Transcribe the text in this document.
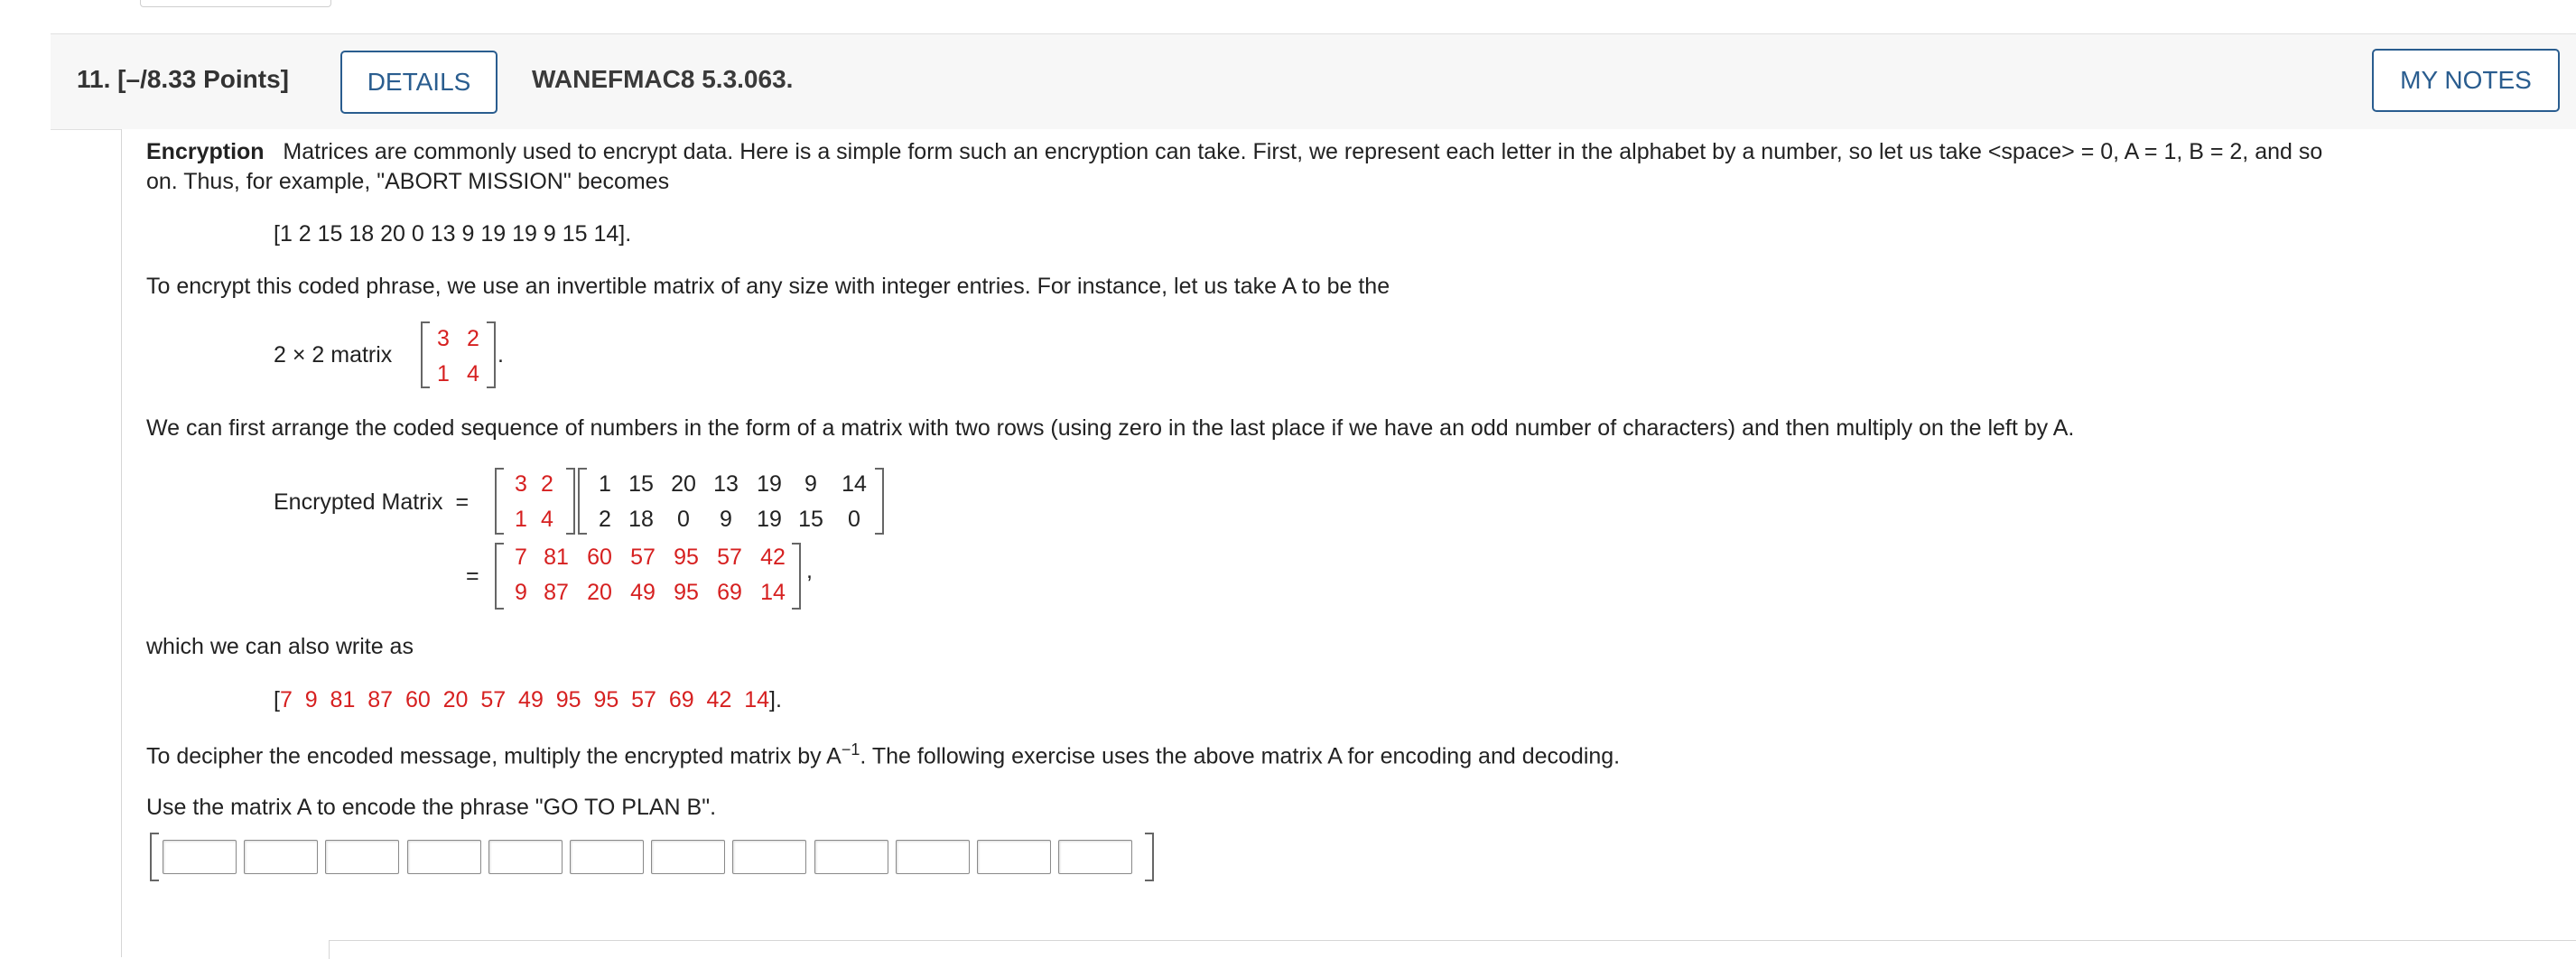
11. [–/8.33 Points]	DETAILS	WANEFMAC8 5.3.063.	MY NOTES
Encryption Matrices are commonly used to encrypt data. Here is a simple form such an encryption can take. First, we represent each letter in the alphabet by a number, so let us take <space> = 0, A = 1, B = 2, and so
on. Thus, for example, "ABORT MISSION" becomes
[1 2 15 18 20 0 13 9 19 19 9 15 14].
To encrypt this coded phrase, we use an invertible matrix of any size with integer entries. For instance, let us take A to be the
2 × 2 matrix
3 2
1 4
.
We can first arrange the coded sequence of numbers in the form of a matrix with two rows (using zero in the last place if we have an odd number of characters) and then multiply on the left by A.
Encrypted Matrix =
3 2
1 4
1 15 20 13 19	9	14
2 18	0	9	19 15	0
=
7 81 60 57 95 57 42
9 87 20 49 95 69 14
,
which we can also write as
[7  9  81  87  60  20  57  49  95  95  57  69  42  14].
To decipher the encoded message, multiply the encrypted matrix by $A^{-1}$. The following exercise uses the above matrix A for encoding and decoding.
Use the matrix A to encode the phrase "GO TO PLAN B".
